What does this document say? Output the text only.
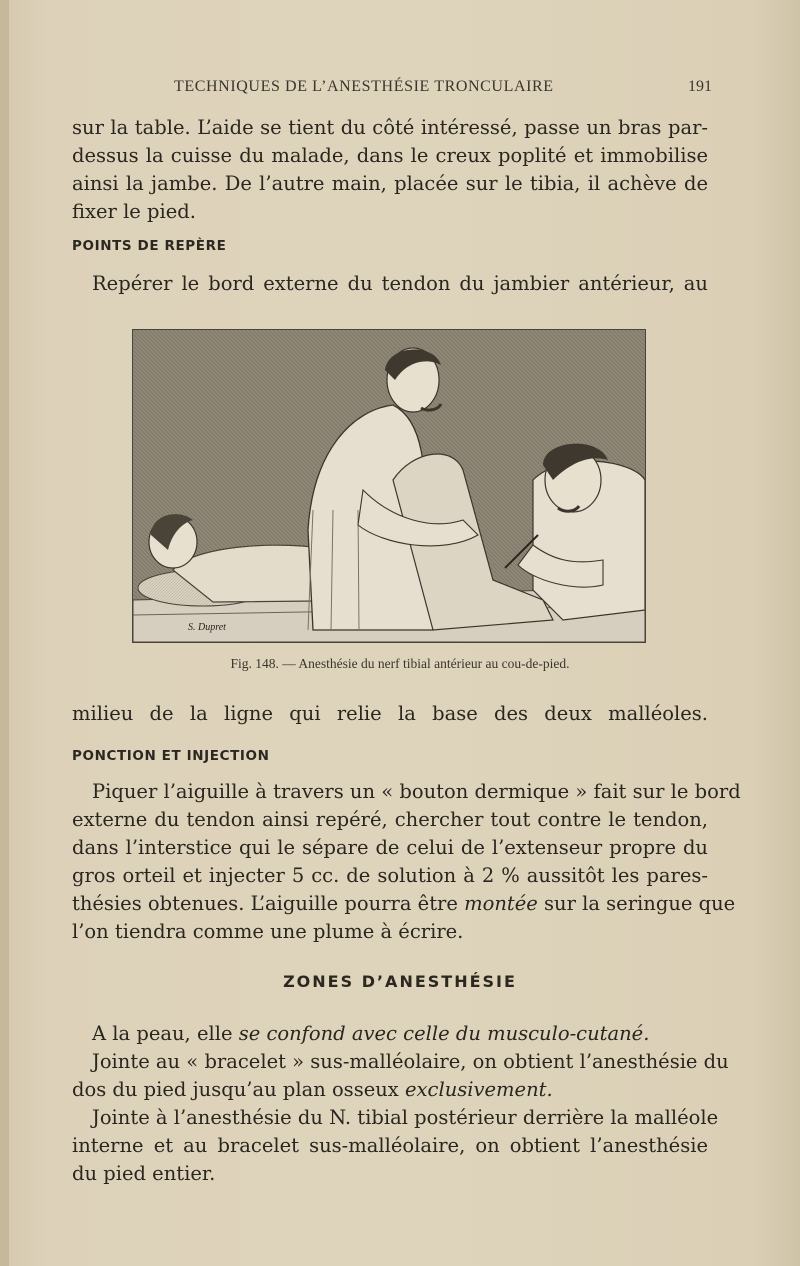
TECHNIQUES DE L’ANESTHÉSIE TRONCULAIRE	191
sur la table. L’aide se tient du côté intéressé, passe un bras par-
dessus la cuisse du malade, dans le creux poplité et immobilise
ainsi la jambe. De l’autre main, placée sur le tibia, il achève de
fixer le pied.
POINTS DE REPÈRE
Repérer le bord externe du tendon du jambier antérieur, au
S. Dupret
Fig. 148. — Anesthésie du nerf tibial antérieur au cou-de-pied.
milieu de la ligne qui relie la base des deux malléoles.
PONCTION ET INJECTION
Piquer l’aiguille à travers un « bouton dermique » fait sur le bord
externe du tendon ainsi repéré, chercher tout contre le tendon,
dans l’interstice qui le sépare de celui de l’extenseur propre du
gros orteil et injecter 5 cc. de solution à 2 % aussitôt les pares-
thésies obtenues. L’aiguille pourra être montée sur la seringue que
l’on tiendra comme une plume à écrire.
ZONES D’ANESTHÉSIE
A la peau, elle se confond avec celle du musculo-cutané.
Jointe au « bracelet » sus-malléolaire, on obtient l’anesthésie du
dos du pied jusqu’au plan osseux exclusivement.
Jointe à l’anesthésie du N. tibial postérieur derrière la malléole
interne et au bracelet sus-malléolaire, on obtient l’anesthésie
du pied entier.
